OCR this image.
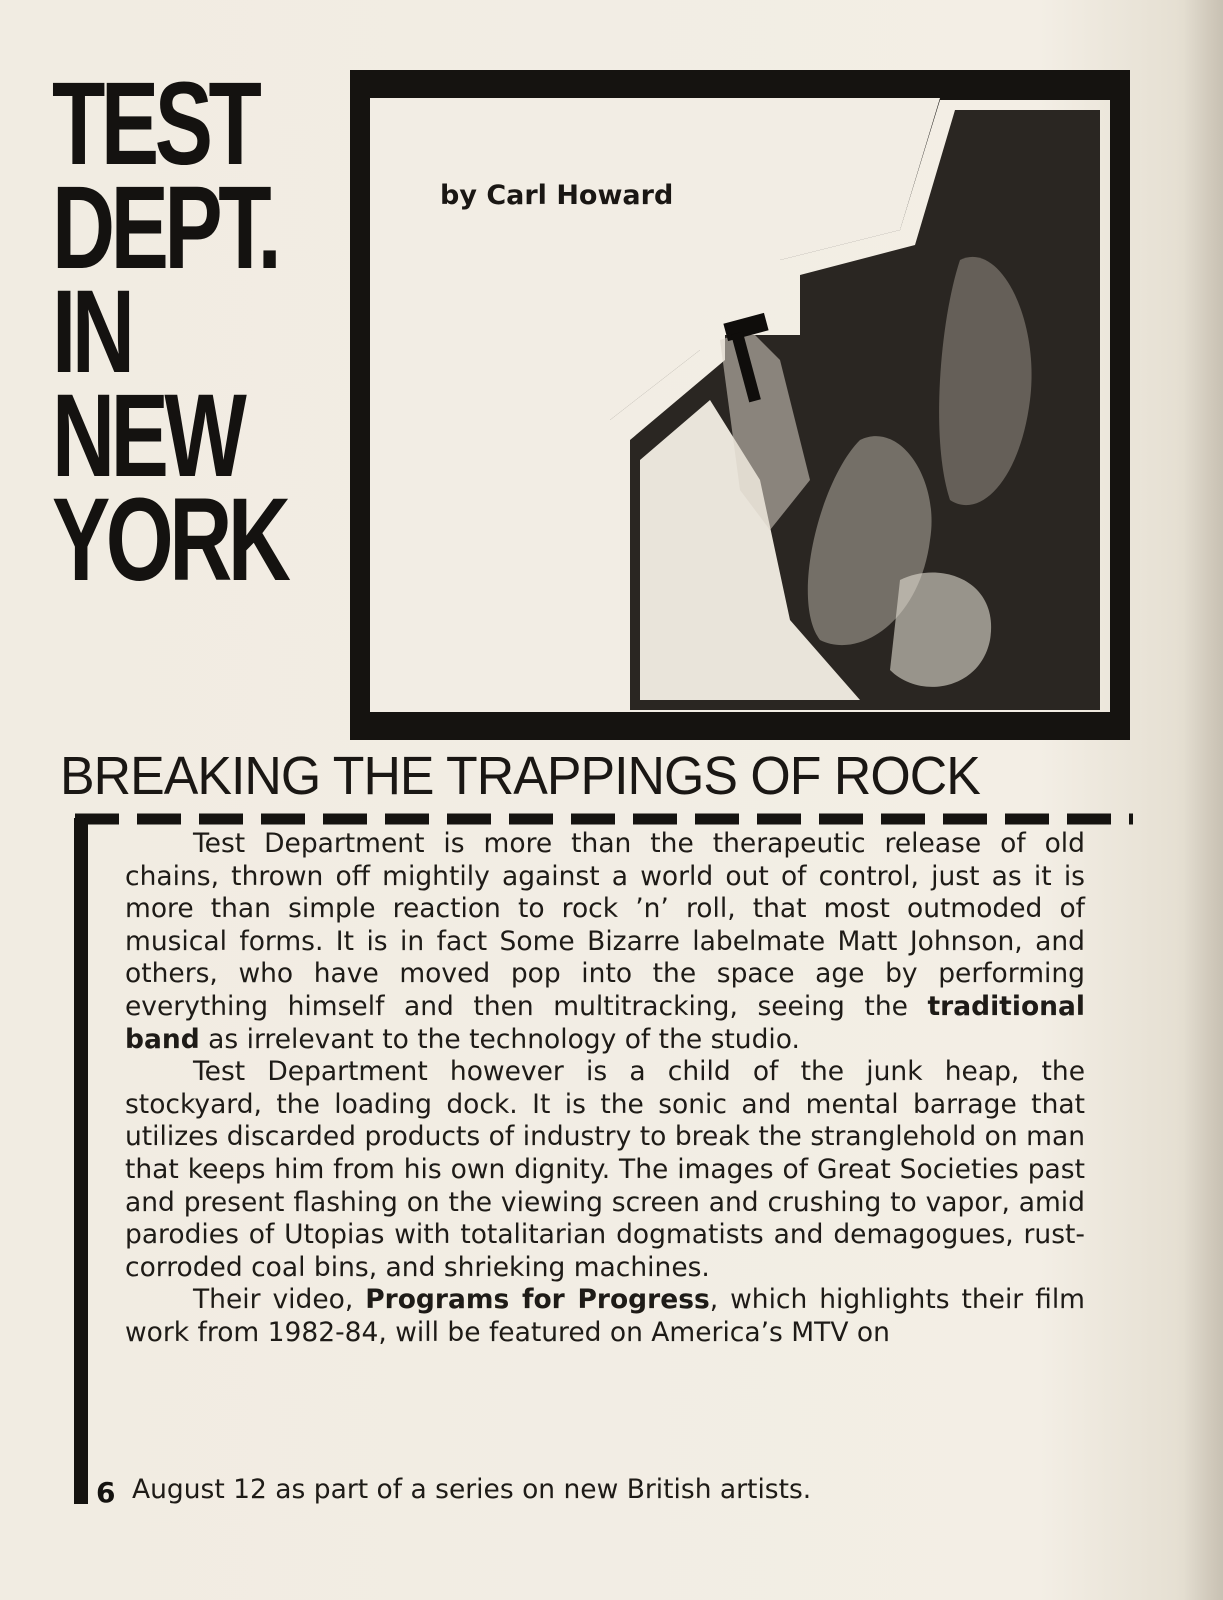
TEST
DEPT.
IN
NEW
YORK
by Carl Howard
BREAKING THE TRAPPINGS OF ROCK
6

Test Department is more than the therapeutic release of old chains, thrown off mightily against a world out of control, just as it is more than simple reaction to rock ’n’ roll, that most outmoded of musical forms. It is in fact Some Bizarre labelmate Matt Johnson, and others, who have moved pop into the space age by performing everything himself and then multitracking, seeing the traditional band as irrelevant to the technology of the studio.

Test Department however is a child of the junk heap, the stockyard, the loading dock. It is the sonic and mental barrage that utilizes discarded products of industry to break the stranglehold on man that keeps him from his own dignity. The images of Great Societies past and present flashing on the viewing screen and crushing to vapor, amid parodies of Utopias with totalitarian dogmatists and demagogues, rust-corroded coal bins, and shrieking machines.

Their video, Programs for Progress, which highlights their film work from 1982-84, will be featured on America’s MTV on

August 12 as part of a series on new British artists.
